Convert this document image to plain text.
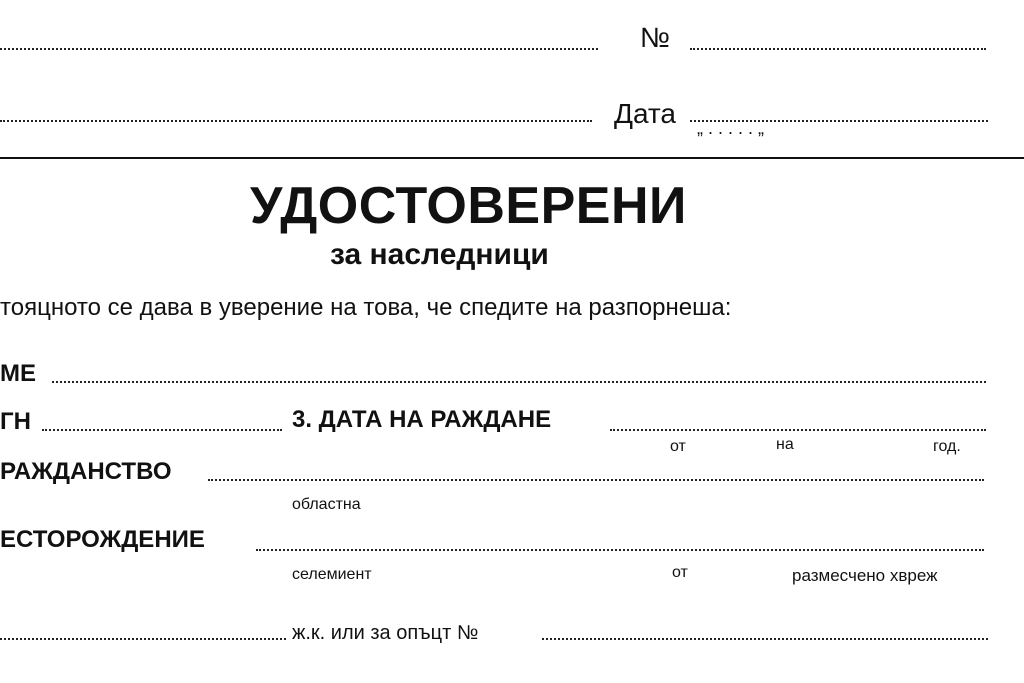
№
Дата „ . . . . . „
УДОСТОВЕРЕНИ
за наследници
тояцното се дава в уверение на това, че спедите на разпорнеша:
МЕ
ГН	3. ДАТА НА РАЖДАНЕ
от	на	год.
РАЖДАНСТВО
областна
ЕСТОРОЖДЕНИЕ
селемиент	от	размесчено хвреж
ж.к. или за опъцт №
